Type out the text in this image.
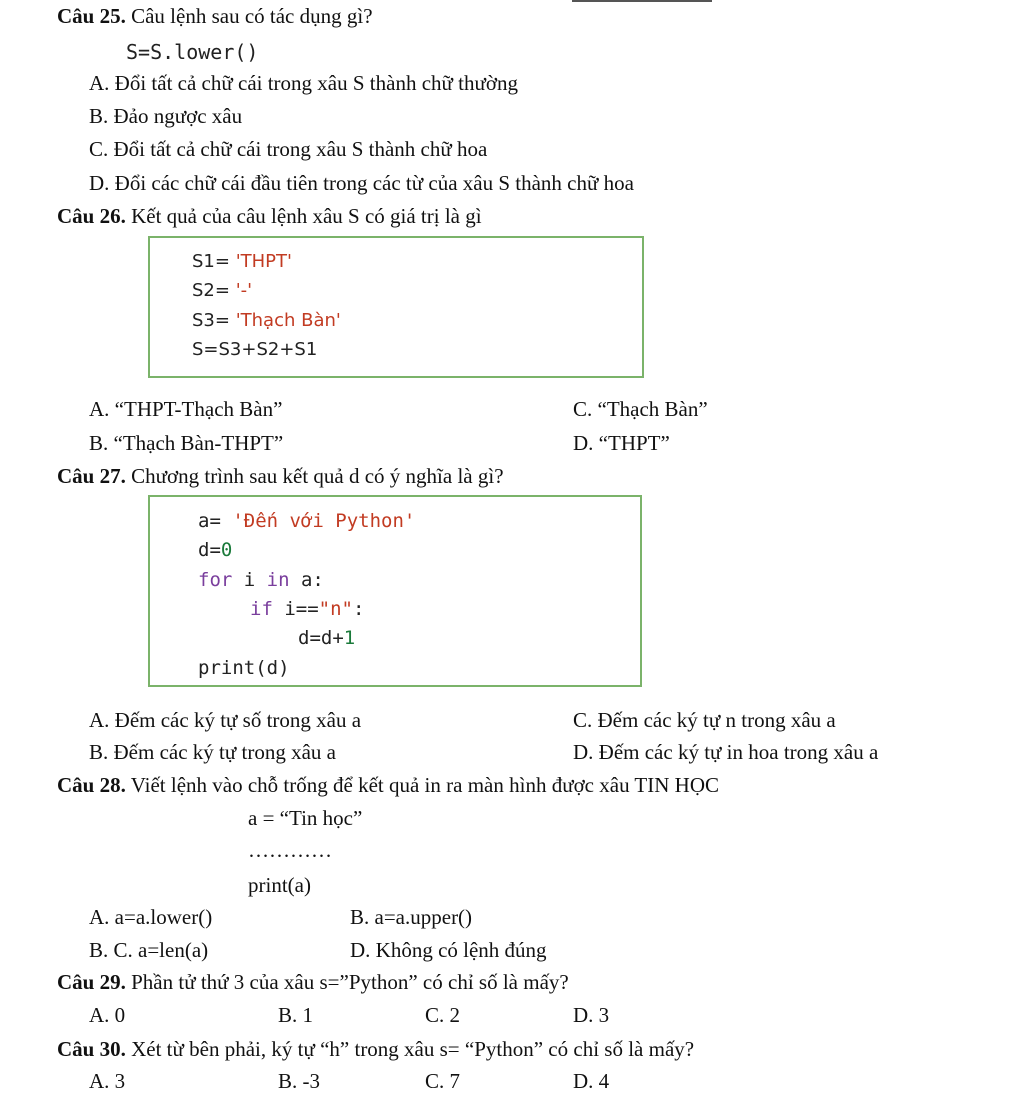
Câu 25. Câu lệnh sau có tác dụng gì?
S=S.lower()
A. Đổi tất cả chữ cái trong xâu S thành chữ thường
B. Đảo ngược xâu
C. Đổi tất cả chữ cái trong xâu S thành chữ hoa
D. Đổi các chữ cái đầu tiên trong các từ của xâu S thành chữ hoa
Câu 26. Kết quả của câu lệnh xâu S có giá trị là gì
S1= 'THPT'
S2= '-'
S3= 'Thạch Bàn'
S=S3+S2+S1
A. “THPT-Thạch Bàn”	C. “Thạch Bàn”
B. “Thạch Bàn-THPT”	D. “THPT”
Câu 27. Chương trình sau kết quả d có ý nghĩa là gì?
a= 'Đến với Python'
d=0
for i in a:
if i=="n":
d=d+1
print(d)
A. Đếm các ký tự số trong xâu a	C. Đếm các ký tự n trong xâu a
B. Đếm các ký tự trong xâu a	D. Đếm các ký tự in hoa trong xâu a
Câu 28. Viết lệnh vào chỗ trống để kết quả in ra màn hình được xâu TIN HỌC
a = “Tin học”
…………
print(a)
A. a=a.lower()	B. a=a.upper()
B. C. a=len(a)	D. Không có lệnh đúng
Câu 29. Phần tử thứ 3 của xâu s=”Python” có chỉ số là mấy?
A. 0	B. 1	C. 2	D. 3
Câu 30. Xét từ bên phải, ký tự “h” trong xâu s= “Python” có chỉ số là mấy?
A. 3	B. -3	C. 7	D. 4
